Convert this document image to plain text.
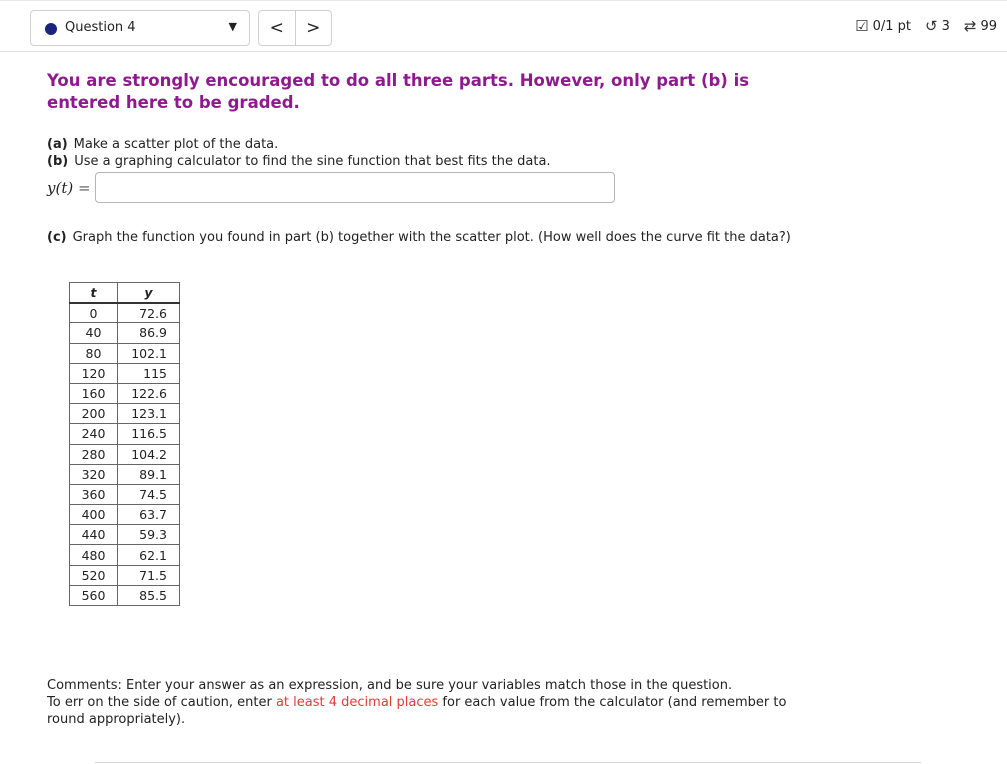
Question 4	▼	<	>	☑ 0/1 pt ↺ 3 ⇄ 99
You are strongly encouraged to do all three parts. However, only part (b) is entered here to be graded.
(a) Make a scatter plot of the data.
(b) Use a graphing calculator to find the sine function that best fits the data.
y(t) =
(c) Graph the function you found in part (b) together with the scatter plot. (How well does the curve fit the data?)
t	y
0	72.6
40	86.9
80	102.1
120	115
160	122.6
200	123.1
240	116.5
280	104.2
320	89.1
360	74.5
400	63.7
440	59.3
480	62.1
520	71.5
560	85.5
Comments: Enter your answer as an expression, and be sure your variables match those in the question.
To err on the side of caution, enter at least 4 decimal places for each value from the calculator (and remember to round appropriately).
